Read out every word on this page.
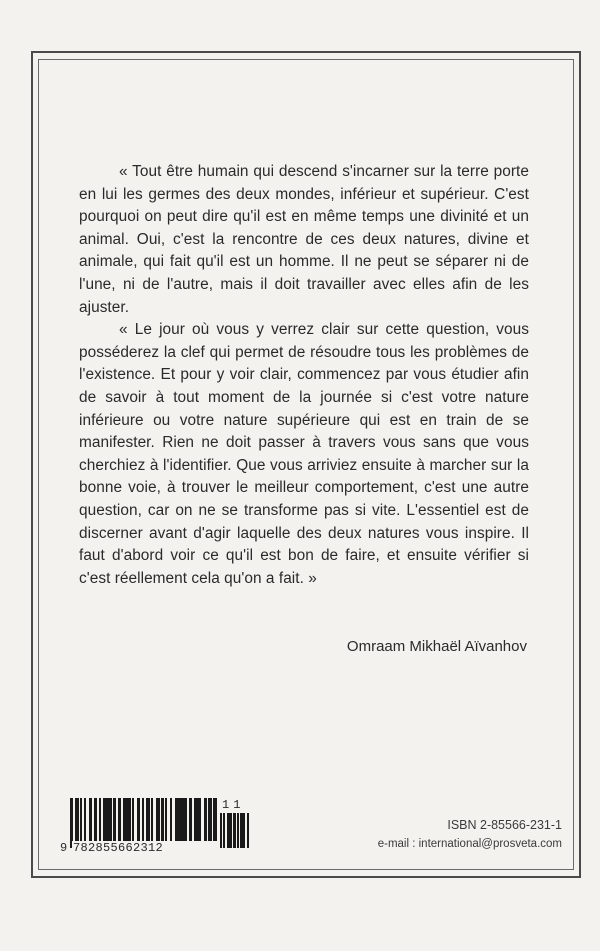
« Tout être humain qui descend s'incarner sur la terre porte en lui les germes des deux mondes, inférieur et supérieur. C'est pourquoi on peut dire qu'il est en même temps une divinité et un animal. Oui, c'est la rencontre de ces deux natures, divine et animale, qui fait qu'il est un homme. Il ne peut se séparer ni de l'une, ni de l'autre, mais il doit travailler avec elles afin de les ajuster.

« Le jour où vous y verrez clair sur cette question, vous posséderez la clef qui permet de résoudre tous les problèmes de l'existence. Et pour y voir clair, commencez par vous étudier afin de savoir à tout moment de la journée si c'est votre nature inférieure ou votre nature supérieure qui est en train de se manifester. Rien ne doit passer à travers vous sans que vous cherchiez à l'identifier. Que vous arriviez ensuite à marcher sur la bonne voie, à trouver le meilleur comportement, c'est une autre question, car on ne se transforme pas si vite. L'essentiel est de discerner avant d'agir laquelle des deux natures vous inspire. Il faut d'abord voir ce qu'il est bon de faire, et ensuite vérifier si c'est réellement cela qu'on a fait. »

Omraam Mikhaël Aïvanhov
9 782855662312
11
ISBN 2-85566-231-1
e-mail : international@prosveta.com
